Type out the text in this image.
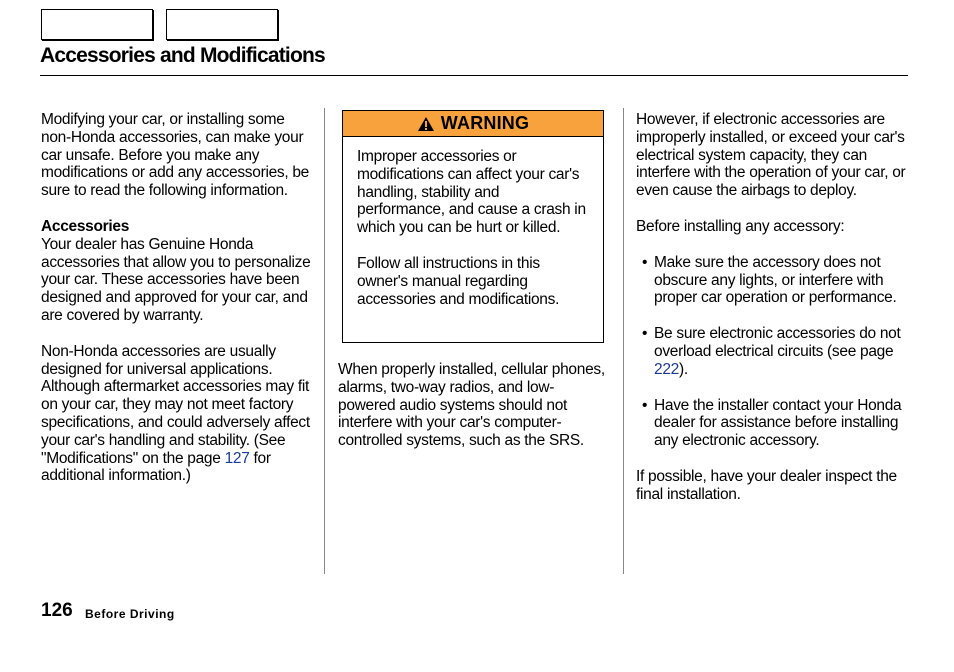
Accessories and Modifications

Modifying your car, or installing some non-Honda accessories, can make your car unsafe. Before you make any modifications or add any accessories, be sure to read the following information.

Accessories

Your dealer has Genuine Honda accessories that allow you to personalize your car. These accessories have been designed and approved for your car, and are covered by warranty.

Non-Honda accessories are usually designed for universal applications. Although aftermarket accessories may fit on your car, they may not meet factory specifications, and could adversely affect your car's handling and stability. (See "Modifications" on the page 127 for additional information.)

WARNING

Improper accessories or modifications can affect your car's handling, stability and performance, and cause a crash in which you can be hurt or killed.

Follow all instructions in this owner's manual regarding accessories and modifications.

When properly installed, cellular phones, alarms, two-way radios, and low-powered audio systems should not interfere with your car's computer-controlled systems, such as the SRS.

However, if electronic accessories are improperly installed, or exceed your car's electrical system capacity, they can interfere with the operation of your car, or even cause the airbags to deploy.

Before installing any accessory:

• Make sure the accessory does not obscure any lights, or interfere with proper car operation or performance.

• Be sure electronic accessories do not overload electrical circuits (see page 222).

• Have the installer contact your Honda dealer for assistance before installing any electronic accessory.

If possible, have your dealer inspect the final installation.

126 Before Driving
